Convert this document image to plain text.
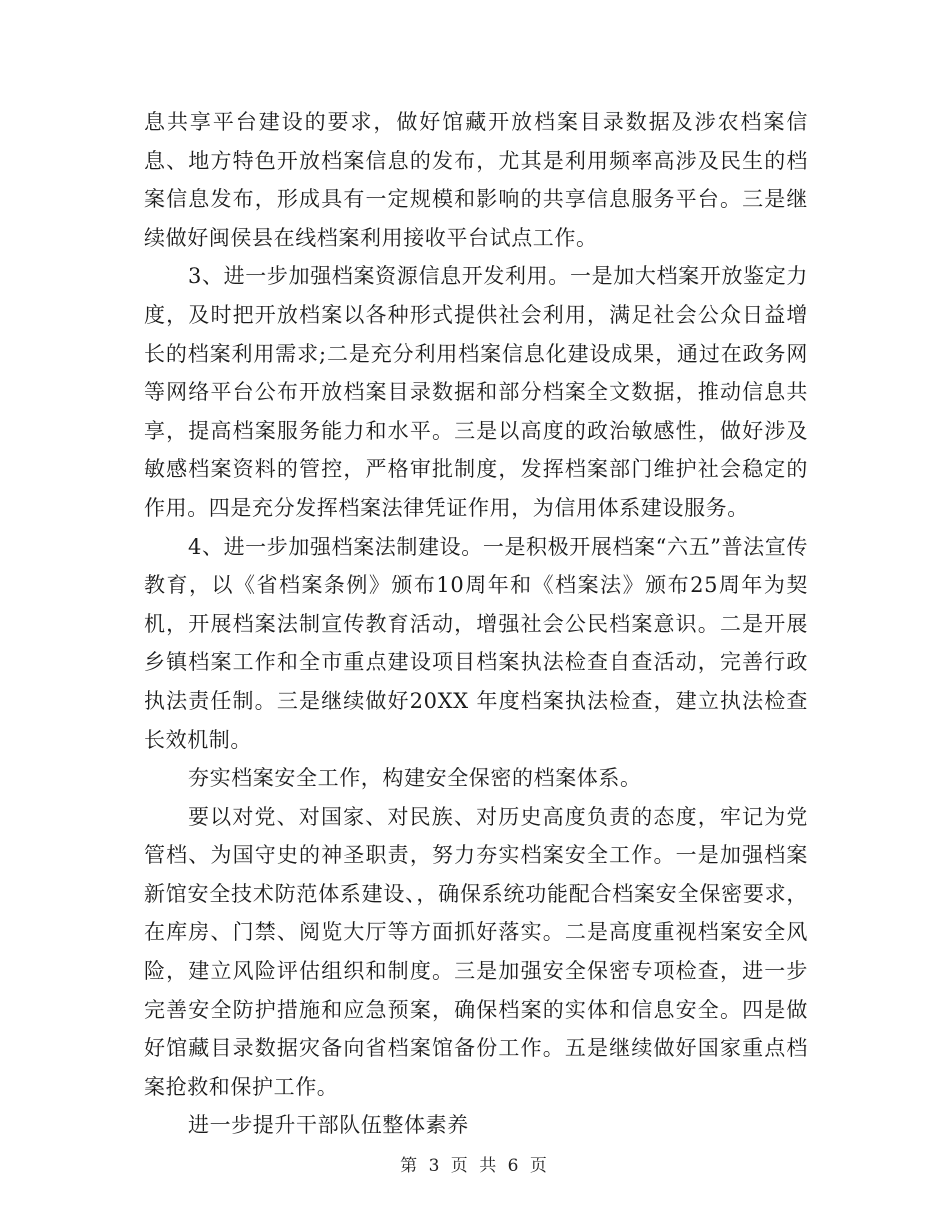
息共享平台建设的要求，做好馆藏开放档案目录数据及涉农档案信息、地方特色开放档案信息的发布，尤其是利用频率高涉及民生的档案信息发布，形成具有一定规模和影响的共享信息服务平台。三是继续做好闽侯县在线档案利用接收平台试点工作。

3、进一步加强档案资源信息开发利用。一是加大档案开放鉴定力度，及时把开放档案以各种形式提供社会利用，满足社会公众日益增长的档案利用需求;二是充分利用档案信息化建设成果，通过在政务网等网络平台公布开放档案目录数据和部分档案全文数据，推动信息共享，提高档案服务能力和水平。三是以高度的政治敏感性，做好涉及敏感档案资料的管控，严格审批制度，发挥档案部门维护社会稳定的作用。四是充分发挥档案法律凭证作用，为信用体系建设服务。

4、进一步加强档案法制建设。一是积极开展档案“六五”普法宣传教育，以《省档案条例》颁布10周年和《档案法》颁布25周年为契机，开展档案法制宣传教育活动，增强社会公民档案意识。二是开展乡镇档案工作和全市重点建设项目档案执法检查自查活动，完善行政执法责任制。三是继续做好20XX 年度档案执法检查，建立执法检查长效机制。

夯实档案安全工作，构建安全保密的档案体系。

要以对党、对国家、对民族、对历史高度负责的态度，牢记为党管档、为国守史的神圣职责，努力夯实档案安全工作。一是加强档案新馆安全技术防范体系建设、，确保系统功能配合档案安全保密要求，在库房、门禁、阅览大厅等方面抓好落实。二是高度重视档案安全风险，建立风险评估组织和制度。三是加强安全保密专项检查，进一步完善安全防护措施和应急预案，确保档案的实体和信息安全。四是做好馆藏目录数据灾备向省档案馆备份工作。五是继续做好国家重点档案抢救和保护工作。

进一步提升干部队伍整体素养

第 3 页 共 6 页
